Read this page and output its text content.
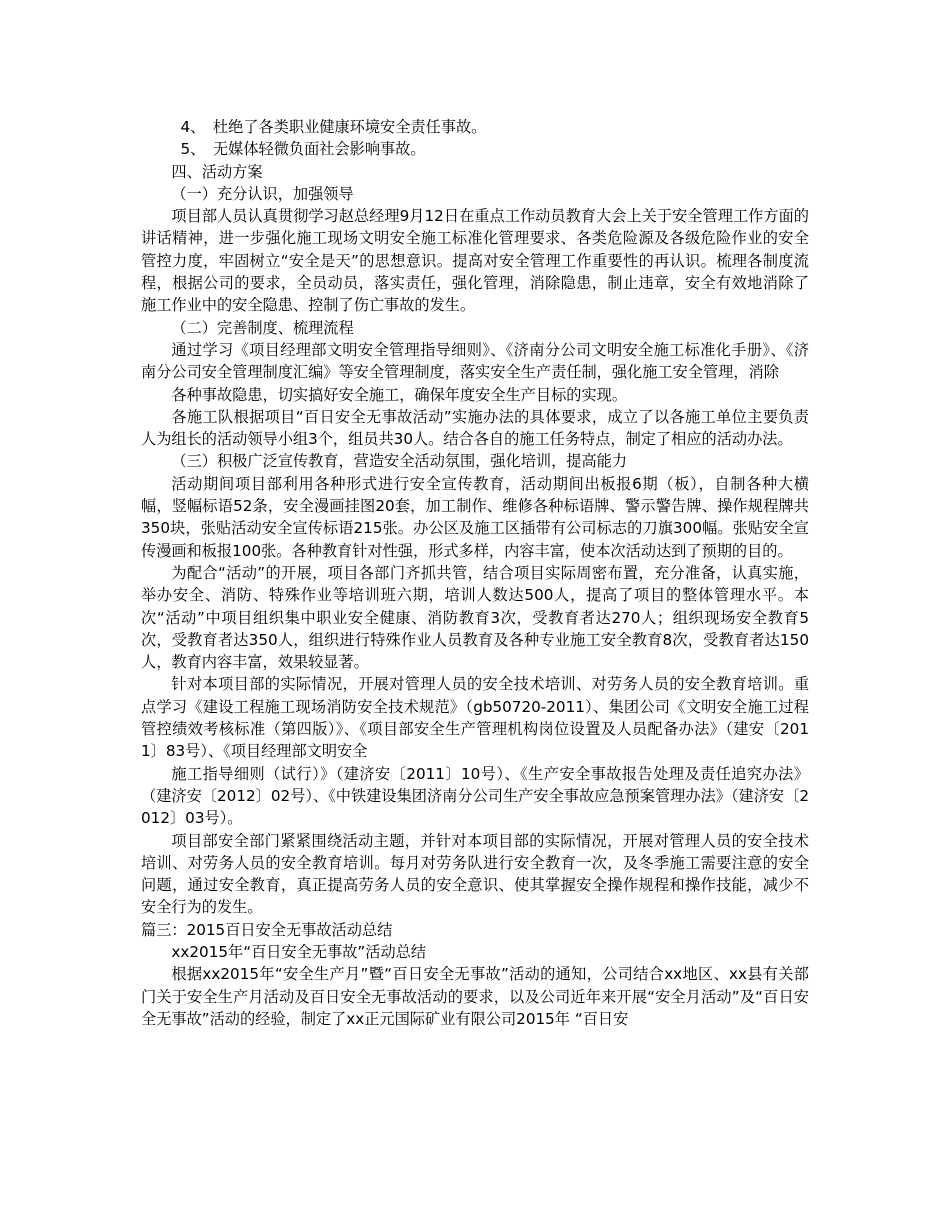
4、　杜绝了各类职业健康环境安全责任事故。

5、　无媒体轻微负面社会影响事故。

四、活动方案

（一）充分认识，加强领导

项目部人员认真贯彻学习赵总经理9月12日在重点工作动员教育大会上关于安全管理工作方面的讲话精神，进一步强化施工现场文明安全施工标准化管理要求、各类危险源及各级危险作业的安全管控力度，牢固树立“安全是天”的思想意识。提高对安全管理工作重要性的再认识。梳理各制度流程，根据公司的要求，全员动员，落实责任，强化管理，消除隐患，制止违章，安全有效地消除了施工作业中的安全隐患、控制了伤亡事故的发生。

（二）完善制度、梳理流程

通过学习《项目经理部文明安全管理指导细则》、《济南分公司文明安全施工标准化手册》、《济南分公司安全管理制度汇编》等安全管理制度，落实安全生产责任制，强化施工安全管理，消除

各种事故隐患，切实搞好安全施工，确保年度安全生产目标的实现。

各施工队根据项目“百日安全无事故活动”实施办法的具体要求，成立了以各施工单位主要负责人为组长的活动领导小组3个，组员共30人。结合各自的施工任务特点，制定了相应的活动办法。

（三）积极广泛宣传教育，营造安全活动氛围，强化培训，提高能力

活动期间项目部利用各种形式进行安全宣传教育，活动期间出板报6期（板），自制各种大横幅，竖幅标语52条，安全漫画挂图20套，加工制作、维修各种标语牌、警示警告牌、操作规程牌共350块，张贴活动安全宣传标语215张。办公区及施工区插带有公司标志的刀旗300幅。张贴安全宣传漫画和板报100张。各种教育针对性强，形式多样，内容丰富，使本次活动达到了预期的目的。

为配合“活动”的开展，项目各部门齐抓共管，结合项目实际周密布置，充分准备，认真实施，举办安全、消防、特殊作业等培训班六期，培训人数达500人，提高了项目的整体管理水平。本次“活动”中项目组织集中职业安全健康、消防教育3次，受教育者达270人；组织现场安全教育5次，受教育者达350人，组织进行特殊作业人员教育及各种专业施工安全教育8次，受教育者达150人，教育内容丰富，效果较显著。

针对本项目部的实际情况，开展对管理人员的安全技术培训、对劳务人员的安全教育培训。重点学习《建设工程施工现场消防安全技术规范》（gb50720-2011）、集团公司《文明安全施工过程管控绩效考核标准（第四版）》、《项目部安全生产管理机构岗位设置及人员配备办法》（建安〔2011〕83号）、《项目经理部文明安全

施工指导细则（试行）》（建济安〔2011〕10号）、《生产安全事故报告处理及责任追究办法》（建济安〔2012〕02号）、《中铁建设集团济南分公司生产安全事故应急预案管理办法》（建济安〔2012〕03号）。

项目部安全部门紧紧围绕活动主题，并针对本项目部的实际情况，开展对管理人员的安全技术培训、对劳务人员的安全教育培训。每月对劳务队进行安全教育一次，及冬季施工需要注意的安全问题，通过安全教育，真正提高劳务人员的安全意识、使其掌握安全操作规程和操作技能，减少不安全行为的发生。

篇三：2015百日安全无事故活动总结

xx2015年“百日安全无事故”活动总结

根据xx2015年“安全生产月”暨“百日安全无事故”活动的通知，公司结合xx地区、xx县有关部门关于安全生产月活动及百日安全无事故活动的要求，以及公司近年来开展“安全月活动”及“百日安全无事故”活动的经验，制定了xx正元国际矿业有限公司2015年 “百日安
